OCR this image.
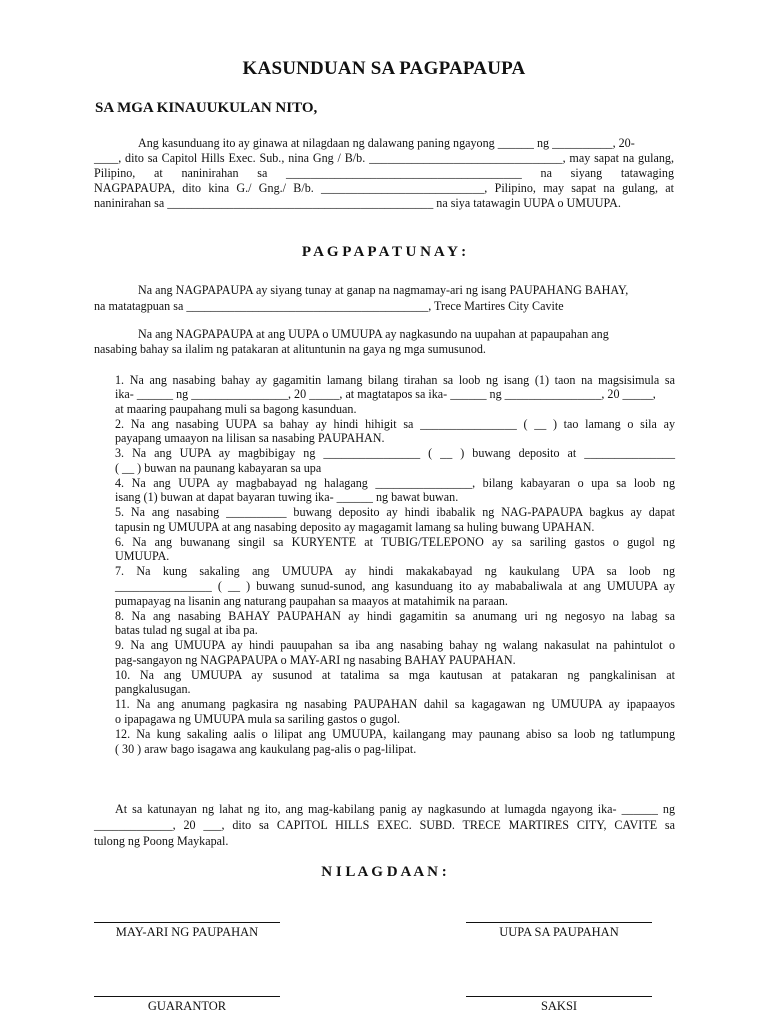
KASUNDUAN SA PAGPAPAUPA
SA MGA KINAUUKULAN NITO,
Ang kasunduang ito ay ginawa at nilagdaan ng dalawang paning ngayong ______ ng __________, 20-
____, dito sa Capitol Hills Exec. Sub., nina Gng / B/b. ________________________________, may sapat na gulang,
Pilipino, at naninirahan sa _______________________________________ na siyang tatawaging
NAGPAPAUPA, dito kina G./ Gng./ B/b. ___________________________, Pilipino, may sapat na gulang, at
naninirahan sa ____________________________________________ na siya tatawagin UUPA o UMUUPA.
P A G P A P A T U N A Y :
Na ang NAGPAPAUPA ay siyang tunay at ganap na nagmamay-ari ng isang PAUPAHANG BAHAY,
na matatagpuan sa ________________________________________, Trece Martires City Cavite
Na ang NAGPAPAUPA at ang UUPA o UMUUPA ay nagkasundo na uupahan at papaupahan ang
nasabing bahay sa ilalim ng patakaran at alituntunin na gaya ng mga sumusunod.
1. Na ang nasabing bahay ay gagamitin lamang bilang tirahan sa loob ng isang (1) taon na magsisimula sa
ika- ______ ng ________________, 20 _____, at magtatapos sa ika- ______ ng ________________, 20 _____,
at maaring paupahang muli sa bagong kasunduan.
2. Na ang nasabing UUPA sa bahay ay hindi hihigit sa ________________ ( __ ) tao lamang o sila ay
payapang umaayon na lilisan sa nasabing PAUPAHAN.
3. Na ang UUPA ay magbibigay ng ________________ ( __ ) buwang deposito at _______________
( __ ) buwan na paunang kabayaran sa upa
4. Na ang UUPA ay magbabayad ng halagang ________________, bilang kabayaran o upa sa loob ng
isang (1) buwan at dapat bayaran tuwing ika- ______ ng bawat buwan.
5. Na ang nasabing __________ buwang deposito ay hindi ibabalik ng NAG-PAPAUPA bagkus ay dapat
tapusin ng UMUUPA at ang nasabing deposito ay magagamit lamang sa huling buwang UPAHAN.
6. Na ang buwanang singil sa KURYENTE at TUBIG/TELEPONO ay sa sariling gastos o gugol ng
UMUUPA.
7. Na kung sakaling ang UMUUPA ay hindi makakabayad ng kaukulang UPA sa loob ng
________________ ( __ ) buwang sunud-sunod, ang kasunduang ito ay mababaliwala at ang UMUUPA ay
pumapayag na lisanin ang naturang paupahan sa maayos at matahimik na paraan.
8. Na ang nasabing BAHAY PAUPAHAN ay hindi gagamitin sa anumang uri ng negosyo na labag sa
batas tulad ng sugal at iba pa.
9. Na ang UMUUPA ay hindi pauupahan sa iba ang nasabing bahay ng walang nakasulat na pahintulot o
pag-sangayon ng NAGPAPAUPA o MAY-ARI ng nasabing BAHAY PAUPAHAN.
10. Na ang UMUUPA ay susunod at tatalima sa mga kautusan at patakaran ng pangkalinisan at
pangkalusugan.
11. Na ang anumang pagkasira ng nasabing PAUPAHAN dahil sa kagagawan ng UMUUPA ay ipapaayos
o ipapagawa ng UMUUPA mula sa sariling gastos o gugol.
12. Na kung sakaling aalis o lilipat ang UMUUPA, kailangang may paunang abiso sa loob ng tatlumpung
( 30 ) araw bago isagawa ang kaukulang pag-alis o pag-lilipat.
At sa katunayan ng lahat ng ito, ang mag-kabilang panig ay nagkasundo at lumagda ngayong ika- ______ ng
_____________, 20 ___, dito sa CAPITOL HILLS EXEC. SUBD. TRECE MARTIRES CITY, CAVITE sa
tulong ng Poong Maykapal.
N I L A G D A A N :
MAY-ARI NG PAUPAHAN	UUPA SA PAUPAHAN
GUARANTOR	SAKSI
